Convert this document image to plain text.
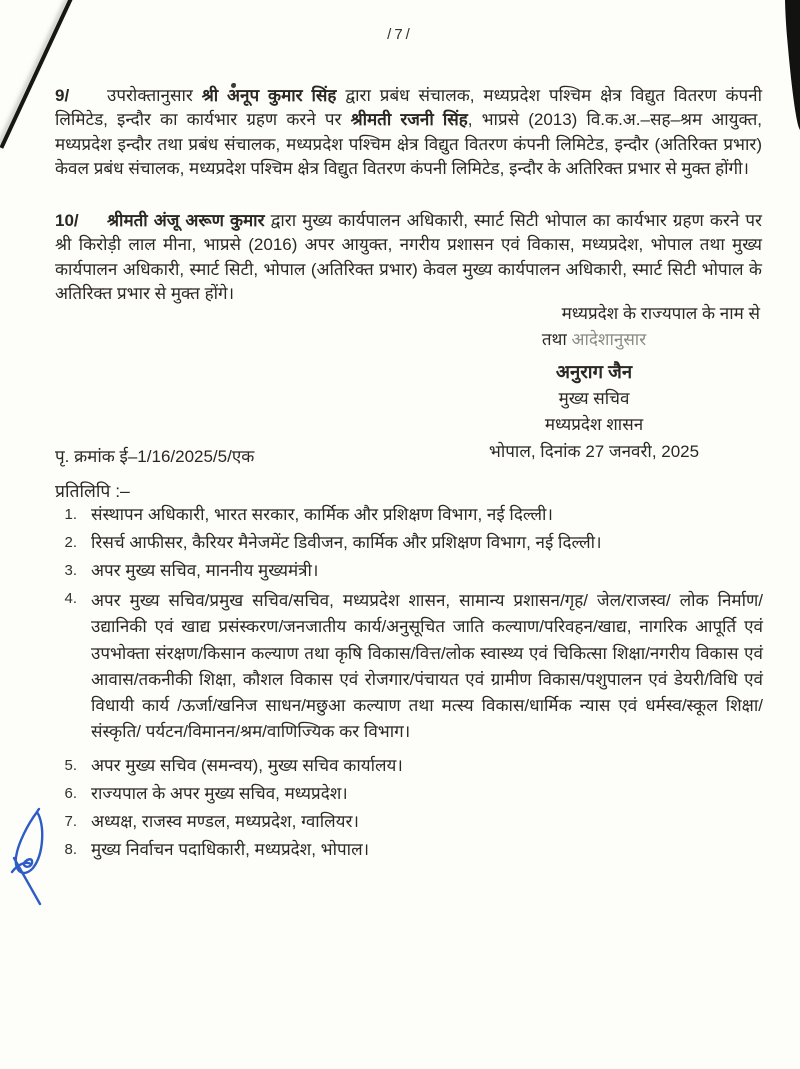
/7/
9/	उपरोक्तानुसार श्री अनूप कुमार सिंह द्वारा प्रबंध संचालक, मध्यप्रदेश पश्चिम क्षेत्र विद्युत वितरण कंपनी लिमिटेड, इन्दौर का कार्यभार ग्रहण करने पर श्रीमती रजनी सिंह, भाप्रसे (2013) वि.क.अ.–सह–श्रम आयुक्त, मध्यप्रदेश इन्दौर तथा प्रबंध संचालक, मध्यप्रदेश पश्चिम क्षेत्र विद्युत वितरण कंपनी लिमिटेड, इन्दौर (अतिरिक्त प्रभार) केवल प्रबंध संचालक, मध्यप्रदेश पश्चिम क्षेत्र विद्युत वितरण कंपनी लिमिटेड, इन्दौर के अतिरिक्त प्रभार से मुक्त होंगी।
10/	श्रीमती अंजू अरूण कुमार द्वारा मुख्य कार्यपालन अधिकारी, स्मार्ट सिटी भोपाल का कार्यभार ग्रहण करने पर श्री किरोड़ी लाल मीना, भाप्रसे (2016) अपर आयुक्त, नगरीय प्रशासन एवं विकास, मध्यप्रदेश, भोपाल तथा मुख्य कार्यपालन अधिकारी, स्मार्ट सिटी, भोपाल (अतिरिक्त प्रभार) केवल मुख्य कार्यपालन अधिकारी, स्मार्ट सिटी भोपाल के अतिरिक्त प्रभार से मुक्त होंगे।
मध्यप्रदेश के राज्यपाल के नाम से
तथा आदेशानुसार
अनुराग जैन
मुख्य सचिव
मध्यप्रदेश शासन
भोपाल, दिनांक 27 जनवरी, 2025
पृ. क्रमांक ई–1/16/2025/5/एक
प्रतिलिपि :–
1. संस्थापन अधिकारी, भारत सरकार, कार्मिक और प्रशिक्षण विभाग, नई दिल्ली।
2. रिसर्च आफीसर, कैरियर मैनेजमेंट डिवीजन, कार्मिक और प्रशिक्षण विभाग, नई दिल्ली।
3. अपर मुख्य सचिव, माननीय मुख्यमंत्री।
4. अपर मुख्य सचिव/प्रमुख सचिव/सचिव, मध्यप्रदेश शासन, सामान्य प्रशासन/गृह/ जेल/राजस्व/ लोक निर्माण/उद्यानिकी एवं खाद्य प्रसंस्करण/जनजातीय कार्य/अनुसूचित जाति कल्याण/परिवहन/खाद्य, नागरिक आपूर्ति एवं उपभोक्ता संरक्षण/किसान कल्याण तथा कृषि विकास/वित्त/लोक स्वास्थ्य एवं चिकित्सा शिक्षा/नगरीय विकास एवं आवास/तकनीकी शिक्षा, कौशल विकास एवं रोजगार/पंचायत एवं ग्रामीण विकास/पशुपालन एवं डेयरी/विधि एवं विधायी कार्य /ऊर्जा/खनिज साधन/मछुआ कल्याण तथा मत्स्य विकास/धार्मिक न्यास एवं धर्मस्व/स्कूल शिक्षा/संस्कृति/ पर्यटन/विमानन/श्रम/वाणिज्यिक कर विभाग।
5. अपर मुख्य सचिव (समन्वय), मुख्य सचिव कार्यालय।
6. राज्यपाल के अपर मुख्य सचिव, मध्यप्रदेश।
7. अध्यक्ष, राजस्व मण्डल, मध्यप्रदेश, ग्वालियर।
8. मुख्य निर्वाचन पदाधिकारी, मध्यप्रदेश, भोपाल।
